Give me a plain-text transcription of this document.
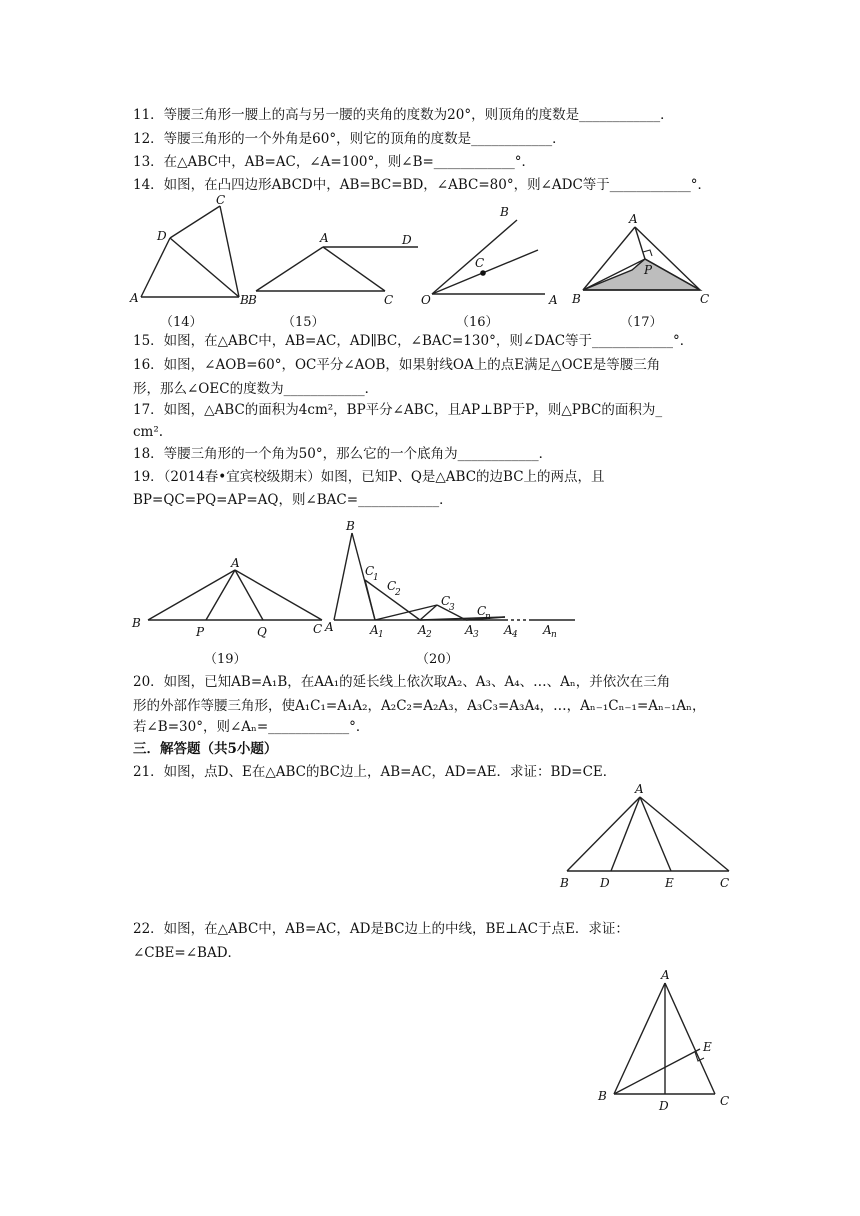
11．等腰三角形一腰上的高与另一腰的夹角的度数为20°，则顶角的度数是____________．
12．等腰三角形的一个外角是60°，则它的顶角的度数是____________．
13．在△ABC中，AB=AC，∠A=100°，则∠B=____________°．
14．如图，在凸四边形ABCD中，AB=BC=BD，∠ABC=80°，则∠ADC等于____________°．
15．如图，在△ABC中，AB=AC，AD∥BC，∠BAC=130°，则∠DAC等于____________°．
16．如图，∠AOB=60°，OC平分∠AOB，如果射线OA上的点E满足△OCE是等腰三角
形，那么∠OEC的度数为____________．
17．如图，△ABC的面积为4cm²，BP平分∠ABC，且AP⊥BP于P，则△PBC的面积为_
cm².
18．等腰三角形的一个角为50°，那么它的一个底角为____________．
19．（2014春•宜宾校级期末）如图，已知P、Q是△ABC的边BC上的两点，且
BP=QC=PQ=AP=AQ，则∠BAC=____________．
20．如图，已知AB=A₁B，在AA₁的延长线上依次取A₂、A₃、A₄、…、Aₙ，并依次在三角
形的外部作等腰三角形，使A₁C₁=A₁A₂，A₂C₂=A₂A₃，A₃C₃=A₃A₄，…，Aₙ₋₁Cₙ₋₁=Aₙ₋₁Aₙ，
若∠B=30°，则∠Aₙ=____________°．
三．解答题（共5小题）
21．如图，点D、E在△ABC的BC边上，AB=AC，AD=AE．求证：BD=CE．
22．如图，在△ABC中，AB=AC，AD是BC边上的中线，BE⊥AC于点E．求证：
∠CBE=∠BAD．
（14）	（15）	（16）	（17）
（19）	（20）
A	B
C
D	A
B	C
D
O	A
B
C
A
B	C
P
A
B	C
P	Q	A
B
C
1
C
2
C
3 C
n
A 1	A 2	A 3 A 4 A n
A
B	C
D	E
A
B	C
D
E
